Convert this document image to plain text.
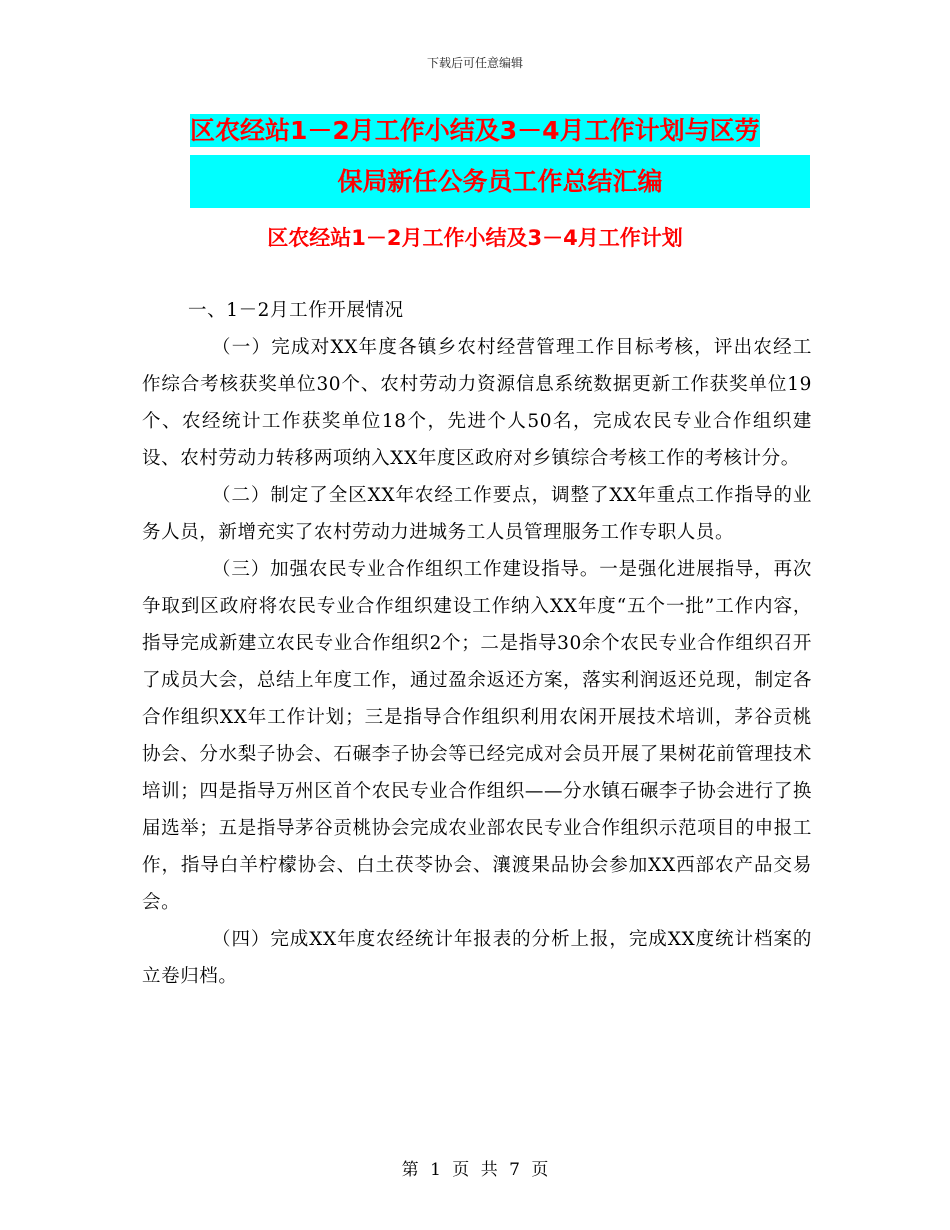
下载后可任意编辑
区农经站1－2月工作小结及3－4月工作计划与区劳
保局新任公务员工作总结汇编
区农经站1－2月工作小结及3－4月工作计划

一、1－2月工作开展情况

（一）完成对XX年度各镇乡农村经营管理工作目标考核，评出农经工作综合考核获奖单位30个、农村劳动力资源信息系统数据更新工作获奖单位19个、农经统计工作获奖单位18个，先进个人50名，完成农民专业合作组织建设、农村劳动力转移两项纳入XX年度区政府对乡镇综合考核工作的考核计分。

（二）制定了全区XX年农经工作要点，调整了XX年重点工作指导的业务人员，新增充实了农村劳动力进城务工人员管理服务工作专职人员。

（三）加强农民专业合作组织工作建设指导。一是强化进展指导，再次争取到区政府将农民专业合作组织建设工作纳入XX年度“五个一批”工作内容，指导完成新建立农民专业合作组织2个；二是指导30余个农民专业合作组织召开了成员大会，总结上年度工作，通过盈余返还方案，落实利润返还兑现，制定各合作组织XX年工作计划；三是指导合作组织利用农闲开展技术培训，茅谷贡桃协会、分水梨子协会、石碾李子协会等已经完成对会员开展了果树花前管理技术培训；四是指导万州区首个农民专业合作组织——分水镇石碾李子协会进行了换届选举；五是指导茅谷贡桃协会完成农业部农民专业合作组织示范项目的申报工作，指导白羊柠檬协会、白土茯苓协会、瀼渡果品协会参加XX西部农产品交易会。

（四）完成XX年度农经统计年报表的分析上报，完成XX度统计档案的立卷归档。

第 1 页 共 7 页
